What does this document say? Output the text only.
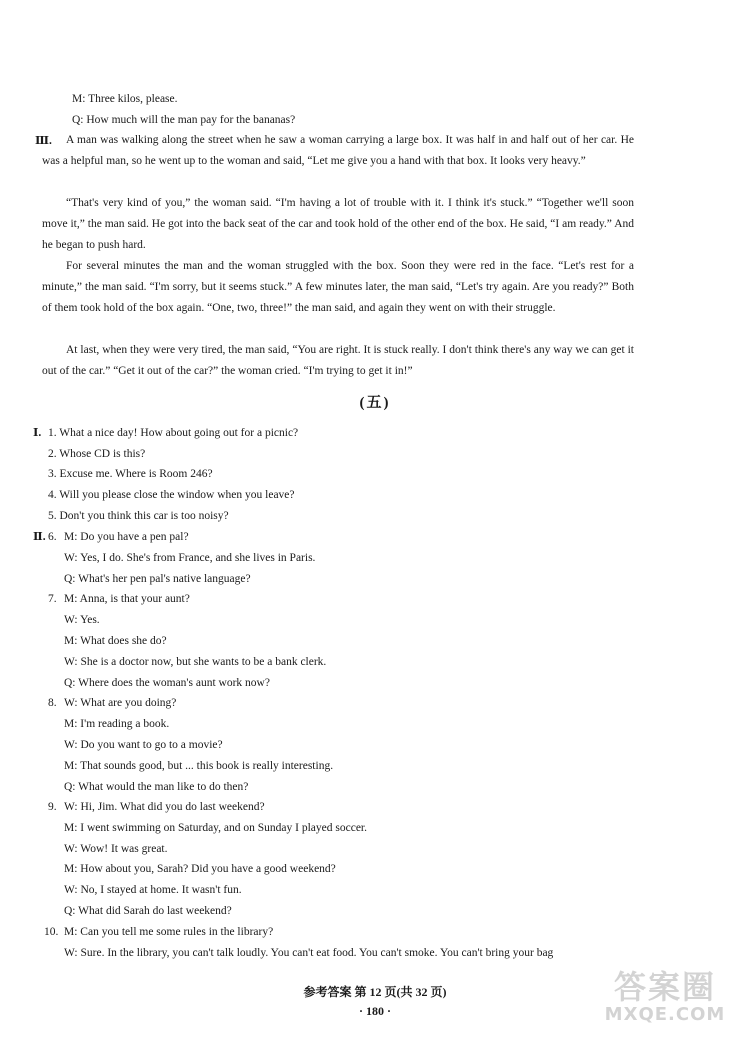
M: Three kilos, please.
Q: How much will the man pay for the bananas?
Ⅲ.	A man was walking along the street when he saw a woman carrying a large box. It was half in and half out of her car. He was a helpful man, so he went up to the woman and said, “Let me give you a hand with that box. It looks very heavy.”
“That's very kind of you,” the woman said. “I'm having a lot of trouble with it. I think it's stuck.” “Together we'll soon move it,” the man said. He got into the back seat of the car and took hold of the other end of the box. He said, “I am ready.” And he began to push hard.
For several minutes the man and the woman struggled with the box. Soon they were red in the face. “Let's rest for a minute,” the man said. “I'm sorry, but it seems stuck.” A few minutes later, the man said, “Let's try again. Are you ready?” Both of them took hold of the box again. “One, two, three!” the man said, and again they went on with their struggle.
At last, when they were very tired, the man said, “You are right. It is stuck really. I don't think there's any way we can get it out of the car.” “Get it out of the car?” the woman cried. “I'm trying to get it in!”
(五)
Ⅰ. 1. What a nice day! How about going out for a picnic?
2. Whose CD is this?
3. Excuse me. Where is Room 246?
4. Will you please close the window when you leave?
5. Don't you think this car is too noisy?
Ⅱ. 6. M: Do you have a pen pal?
W: Yes, I do. She's from France, and she lives in Paris.
Q: What's her pen pal's native language?
7. M: Anna, is that your aunt?
W: Yes.
M: What does she do?
W: She is a doctor now, but she wants to be a bank clerk.
Q: Where does the woman's aunt work now?
8. W: What are you doing?
M: I'm reading a book.
W: Do you want to go to a movie?
M: That sounds good, but ... this book is really interesting.
Q: What would the man like to do then?
9. W: Hi, Jim. What did you do last weekend?
M: I went swimming on Saturday, and on Sunday I played soccer.
W: Wow! It was great.
M: How about you, Sarah? Did you have a good weekend?
W: No, I stayed at home. It wasn't fun.
Q: What did Sarah do last weekend?
10. M: Can you tell me some rules in the library?
W: Sure. In the library, you can't talk loudly. You can't eat food. You can't smoke. You can't bring your bag
参考答案 第 12 页(共 32 页)
· 180 ·
答案圈
MXQE.COM
